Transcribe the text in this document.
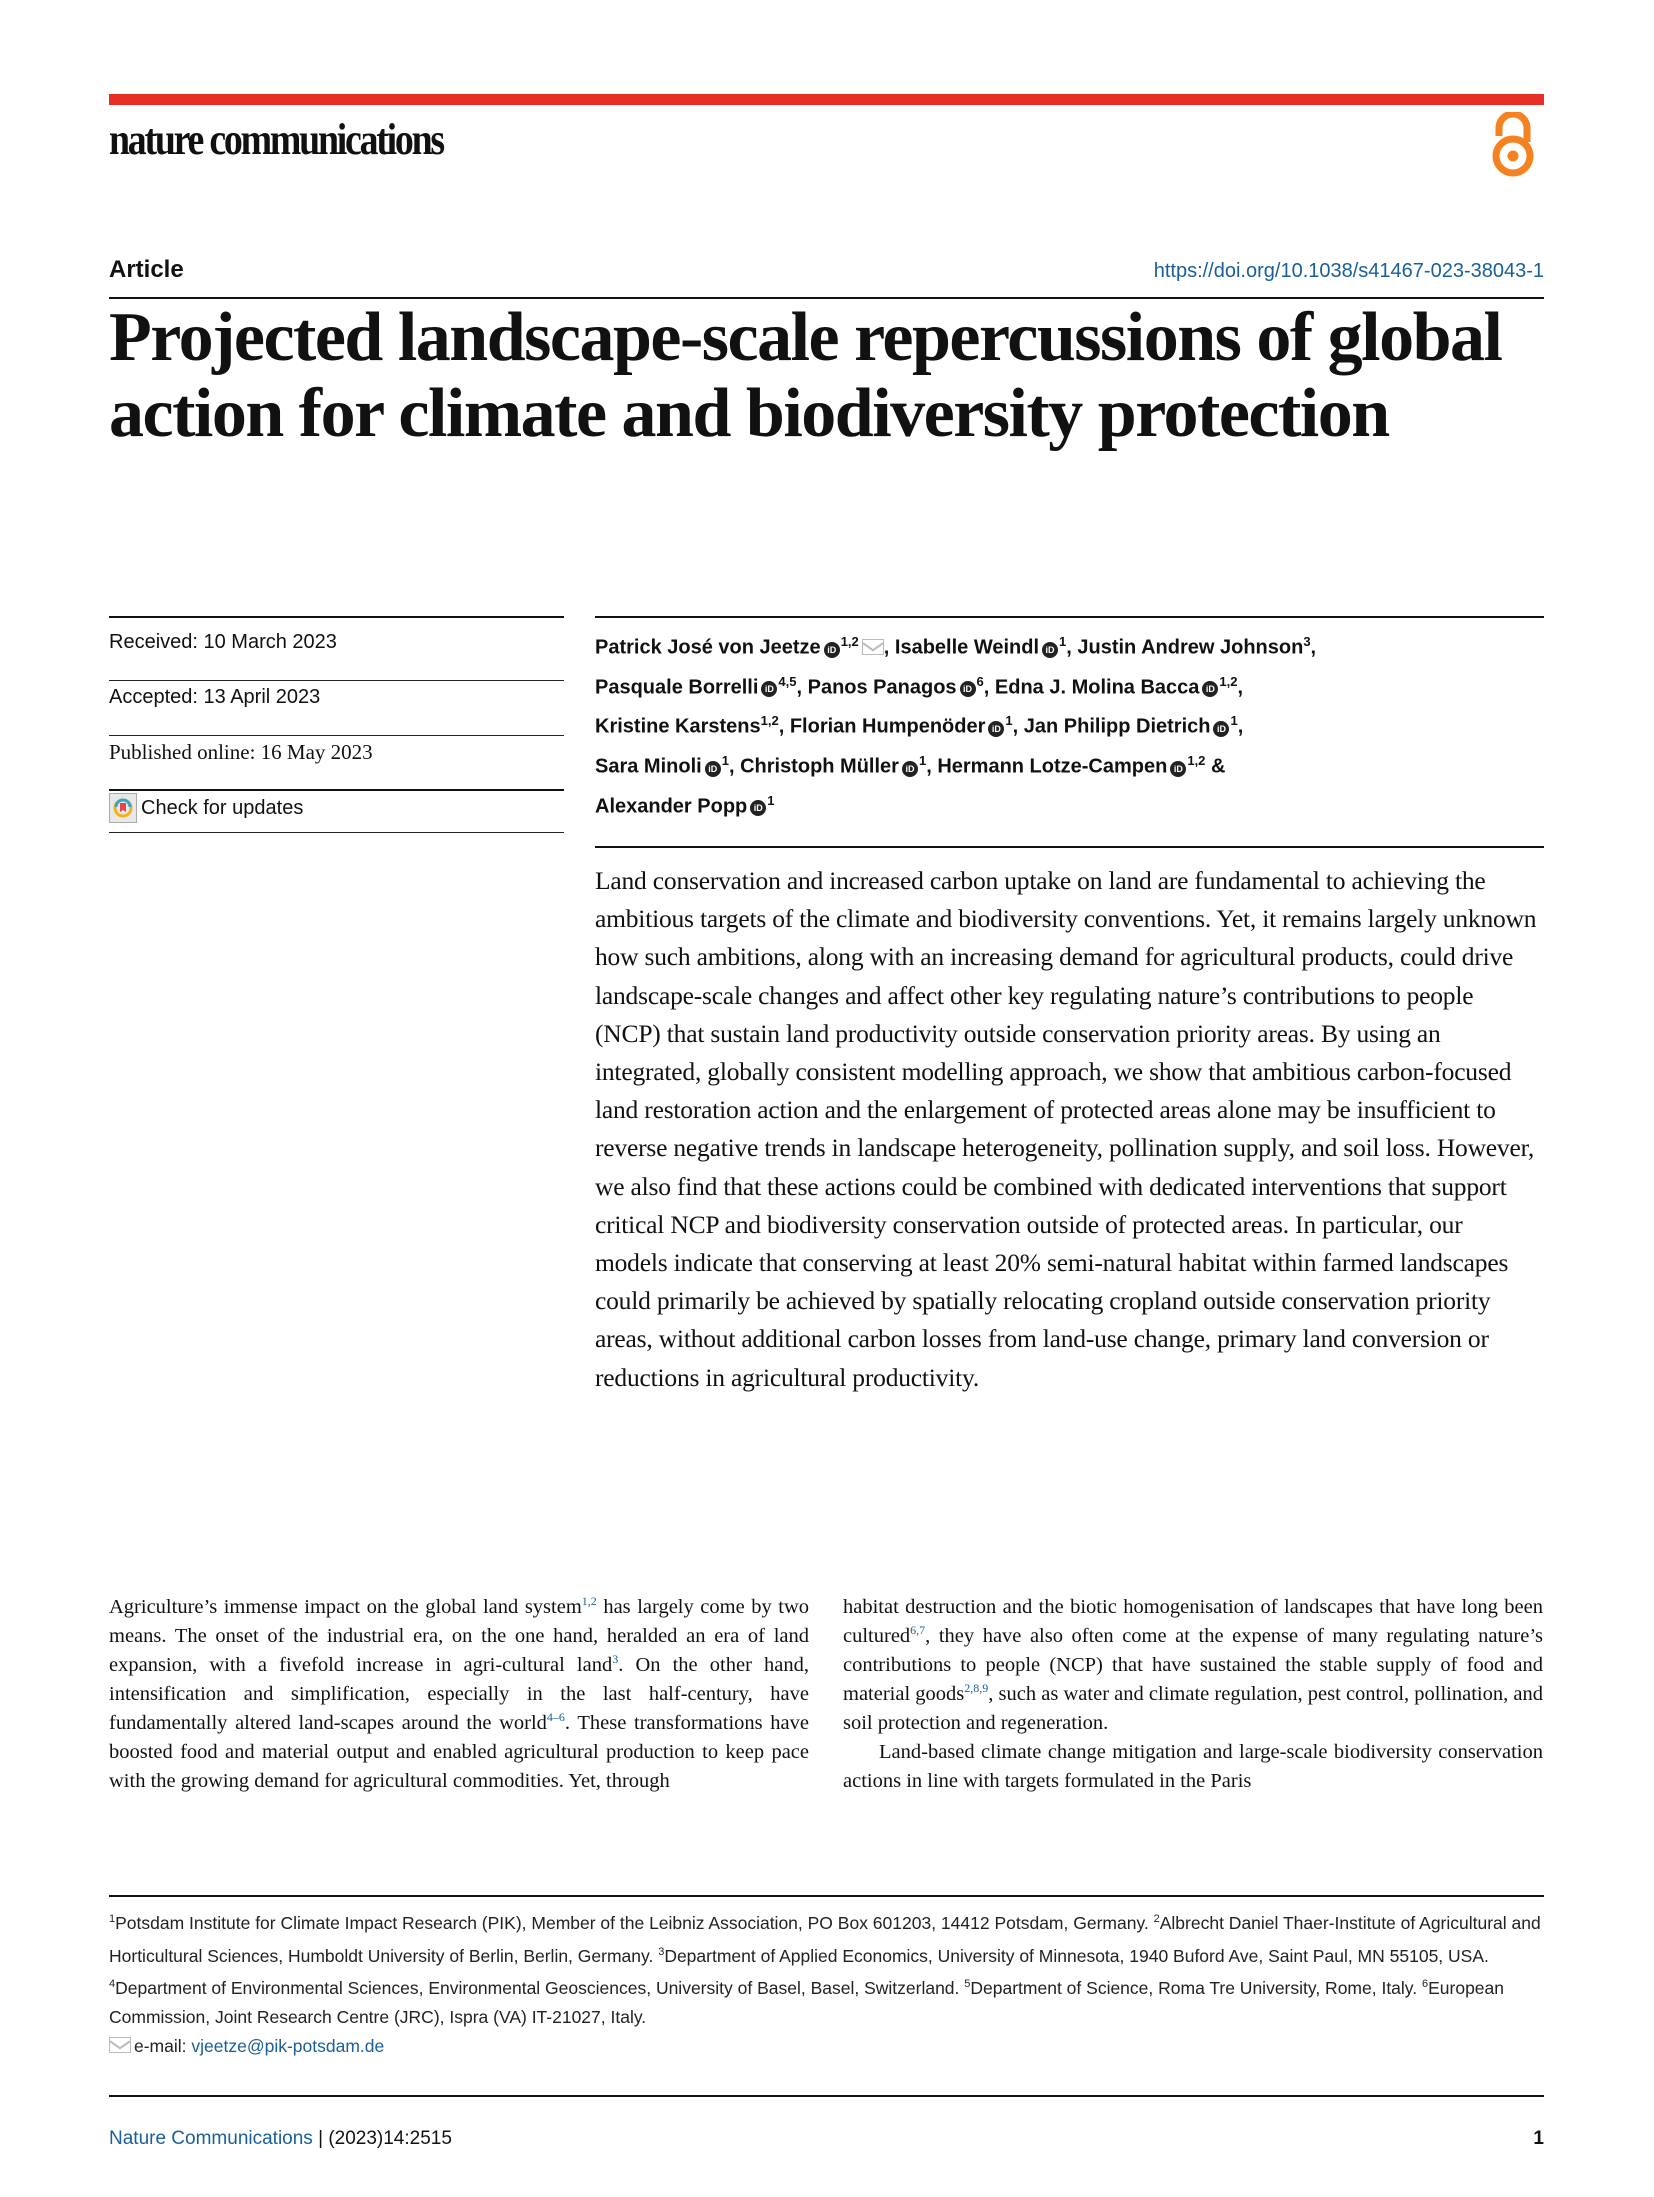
nature communications
Article	https://doi.org/10.1038/s41467-023-38043-1
Projected landscape-scale repercussions of global action for climate and biodiversity protection
Received: 10 March 2023
Accepted: 13 April 2023
Published online: 16 May 2023
Check for updates
Patrick José von Jeetze iD$^{1,2}$ , Isabelle Weindl $iD^1$, Justin Andrew Johnson$^3$,
Pasquale Borrelli iD$^{4,5}$, Panos Panagos $iD^6$, Edna J. Molina Bacca iD$^{1,2}$,
Kristine Karstens$^{1,2}$, Florian Humpenöder $iD^1$, Jan Philipp Dietrich $iD^1$,
Sara Minoli $iD^1$, Christoph Müller $iD^1$, Hermann Lotze-Campen iD$^{1,2}$ &
Alexander Popp $iD^1$

Land conservation and increased carbon uptake on land are fundamental to achieving the ambitious targets of the climate and biodiversity conventions. Yet, it remains largely unknown how such ambitions, along with an increasing demand for agricultural products, could drive landscape-scale changes and affect other key regulating nature’s contributions to people (NCP) that sustain land productivity outside conservation priority areas. By using an integrated, globally consistent modelling approach, we show that ambitious carbon-focused land restoration action and the enlargement of protected areas alone may be insufficient to reverse negative trends in landscape heterogeneity, pollination supply, and soil loss. However, we also find that these actions could be combined with dedicated interventions that support critical NCP and biodiversity conservation outside of protected areas. In particular, our models indicate that conserving at least 20% semi-natural habitat within farmed landscapes could primarily be achieved by spatially relocating cropland outside conservation priority areas, without additional carbon losses from land-use change, primary land conversion or reductions in agricultural productivity.

Agriculture’s immense impact on the global land system$^{1,2}$ has largely come by two means. The onset of the industrial era, on the one hand, heralded an era of land expansion, with a fivefold increase in agri-cultural land$^3$. On the other hand, intensification and simplification, especially in the last half-century, have fundamentally altered land-scapes around the world$^{4-6}$. These transformations have boosted food and material output and enabled agricultural production to keep pace with the growing demand for agricultural commodities. Yet, through

habitat destruction and the biotic homogenisation of landscapes that have long been cultured$^{6,7}$, they have also often come at the expense of many regulating nature’s contributions to people (NCP) that have sustained the stable supply of food and material goods$^{2,8,9}$, such as water and climate regulation, pest control, pollination, and soil protection and regeneration.

Land-based climate change mitigation and large-scale biodiversity conservation actions in line with targets formulated in the Paris

$^1$Potsdam Institute for Climate Impact Research (PIK), Member of the Leibniz Association, PO Box 601203, 14412 Potsdam, Germany. $^2$Albrecht Daniel Thaer-Institute of Agricultural and Horticultural Sciences, Humboldt University of Berlin, Berlin, Germany. $^3$Department of Applied Economics, University of Minnesota, 1940 Buford Ave, Saint Paul, MN 55105, USA. $^4$Department of Environmental Sciences, Environmental Geosciences, University of Basel, Basel, Switzerland. $^5$Department of Science, Roma Tre University, Rome, Italy. $^6$European Commission, Joint Research Centre (JRC), Ispra (VA) IT-21027, Italy.
e-mail: vjeetze@pik-potsdam.de
Nature Communications | (2023)14:2515	1
